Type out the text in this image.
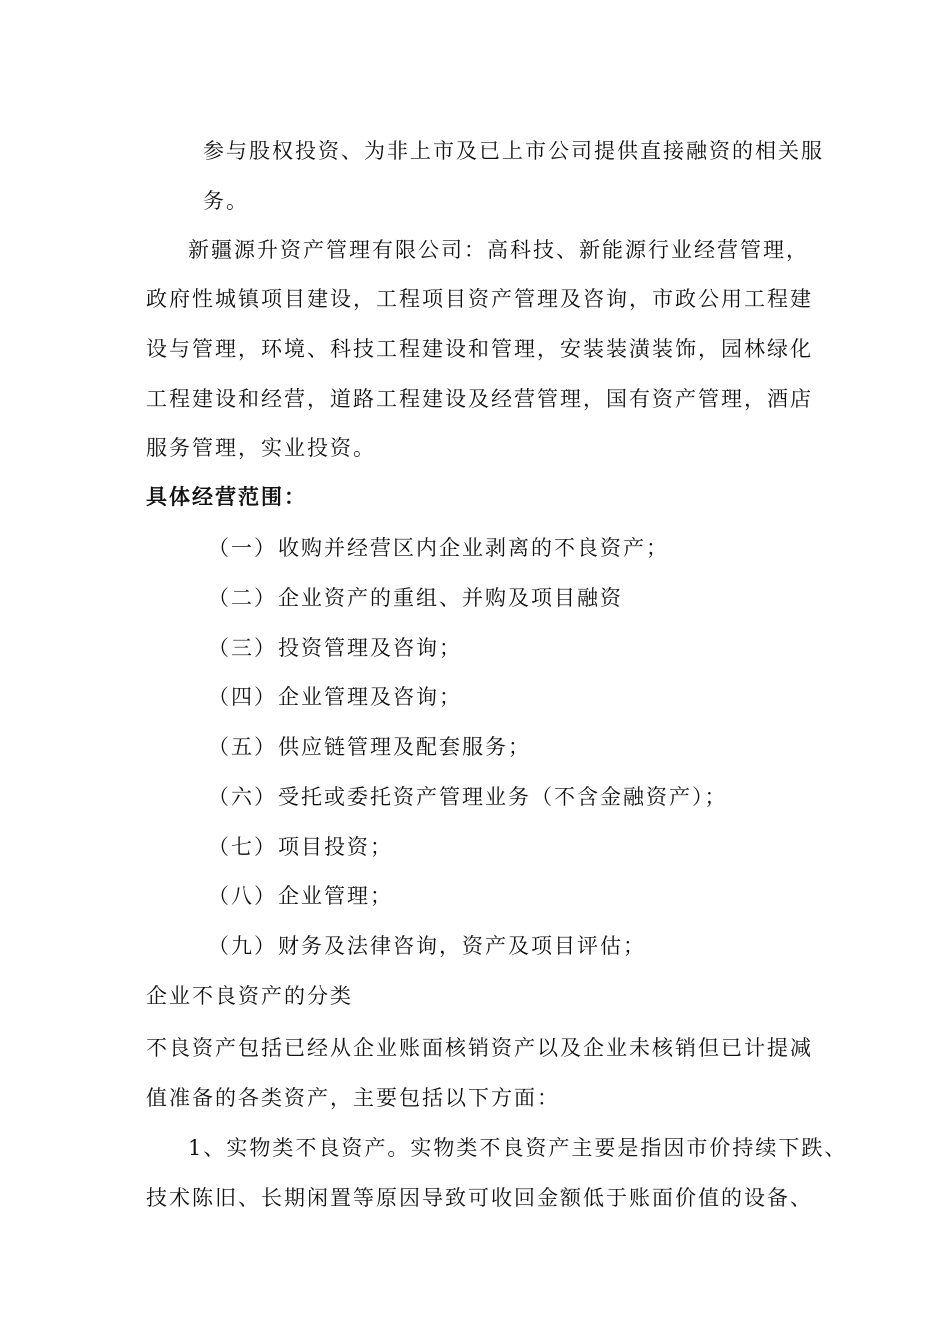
参与股权投资、为非上市及已上市公司提供直接融资的相关服
务。
新疆源升资产管理有限公司：高科技、新能源行业经营管理，
政府性城镇项目建设，工程项目资产管理及咨询，市政公用工程建
设与管理，环境、科技工程建设和管理，安装装潢装饰，园林绿化
工程建设和经营，道路工程建设及经营管理，国有资产管理，酒店
服务管理，实业投资。
具体经营范围：
（一）收购并经营区内企业剥离的不良资产；
（二）企业资产的重组、并购及项目融资
（三）投资管理及咨询；
（四）企业管理及咨询；
（五）供应链管理及配套服务；
（六）受托或委托资产管理业务（不含金融资产）；
（七）项目投资；
（八）企业管理；
（九）财务及法律咨询，资产及项目评估；
企业不良资产的分类
不良资产包括已经从企业账面核销资产以及企业未核销但已计提减
值准备的各类资产，主要包括以下方面：
1、实物类不良资产。实物类不良资产主要是指因市价持续下跌、
技术陈旧、长期闲置等原因导致可收回金额低于账面价值的设备、
